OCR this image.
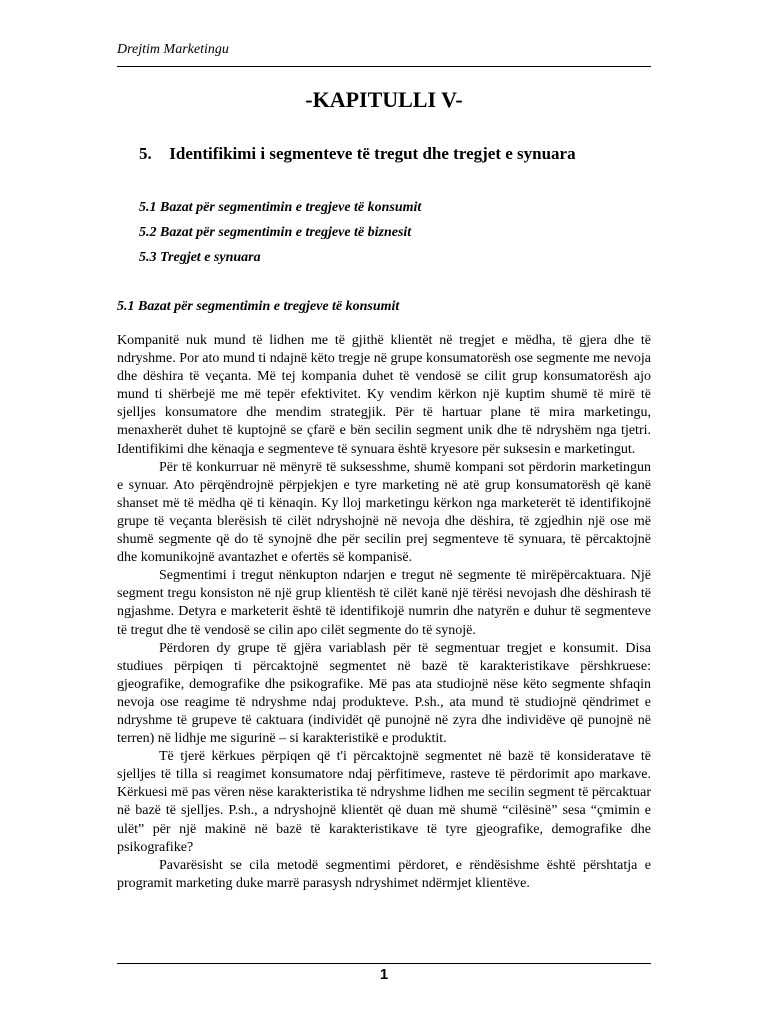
Drejtim Marketingu
-KAPITULLI V-
5. Identifikimi i segmenteve të tregut dhe tregjet e synuara
5.1 Bazat për segmentimin e tregjeve të konsumit
5.2 Bazat për segmentimin e tregjeve të biznesit
5.3 Tregjet e synuara
5.1 Bazat për segmentimin e tregjeve të konsumit

Kompanitë nuk mund të lidhen me të gjithë klientët në tregjet e mëdha, të gjera dhe të ndryshme. Por ato mund ti ndajnë këto tregje në grupe konsumatorësh ose segmente me nevoja dhe dëshira të veçanta. Më tej kompania duhet të vendosë se cilit grup konsumatorësh ajo mund ti shërbejë me më tepër efektivitet. Ky vendim kërkon një kuptim shumë të mirë të sjelljes konsumatore dhe mendim strategjik. Për të hartuar plane të mira marketingu, menaxherët duhet të kuptojnë se çfarë e bën secilin segment unik dhe të ndryshëm nga tjetri. Identifikimi dhe kënaqja e segmenteve të synuara është kryesore për suksesin e marketingut.

Për të konkurruar në mënyrë të suksesshme, shumë kompani sot përdorin marketingun e synuar. Ato përqëndrojnë përpjekjen e tyre marketing në atë grup konsumatorësh që kanë shanset më të mëdha që ti kënaqin. Ky lloj marketingu kërkon nga marketerët të identifikojnë grupe të veçanta blerësish të cilët ndryshojnë në nevoja dhe dëshira, të zgjedhin një ose më shumë segmente që do të synojnë dhe për secilin prej segmenteve të synuara, të përcaktojnë dhe komunikojnë avantazhet e ofertës së kompanisë.

Segmentimi i tregut nënkupton ndarjen e tregut në segmente të mirëpërcaktuara. Një segment tregu konsiston në një grup klientësh të cilët kanë një tërësi nevojash dhe dëshirash të ngjashme. Detyra e marketerit është të identifikojë numrin dhe natyrën e duhur të segmenteve të tregut dhe të vendosë se cilin apo cilët segmente do të synojë.

Përdoren dy grupe të gjëra variablash për të segmentuar tregjet e konsumit. Disa studiues përpiqen ti përcaktojnë segmentet në bazë të karakteristikave përshkruese: gjeografike, demografike dhe psikografike. Më pas ata studiojnë nëse këto segmente shfaqin nevoja ose reagime të ndryshme ndaj produkteve. P.sh., ata mund të studiojnë qëndrimet e ndryshme të grupeve të caktuara (individët që punojnë në zyra dhe individëve që punojnë në terren) në lidhje me sigurinë – si karakteristikë e produktit.

Të tjerë kërkues përpiqen që t'i përcaktojnë segmentet në bazë të konsideratave të sjelljes të tilla si reagimet konsumatore ndaj përfitimeve, rasteve të përdorimit apo markave. Kërkuesi më pas vëren nëse karakteristika të ndryshme lidhen me secilin segment të përcaktuar në bazë të sjelljes. P.sh., a ndryshojnë klientët që duan më shumë “cilësinë” sesa “çmimin e ulët” për një makinë në bazë të karakteristikave të tyre gjeografike, demografike dhe psikografike?

Pavarësisht se cila metodë segmentimi përdoret, e rëndësishme është përshtatja e programit marketing duke marrë parasysh ndryshimet ndërmjet klientëve.

1
